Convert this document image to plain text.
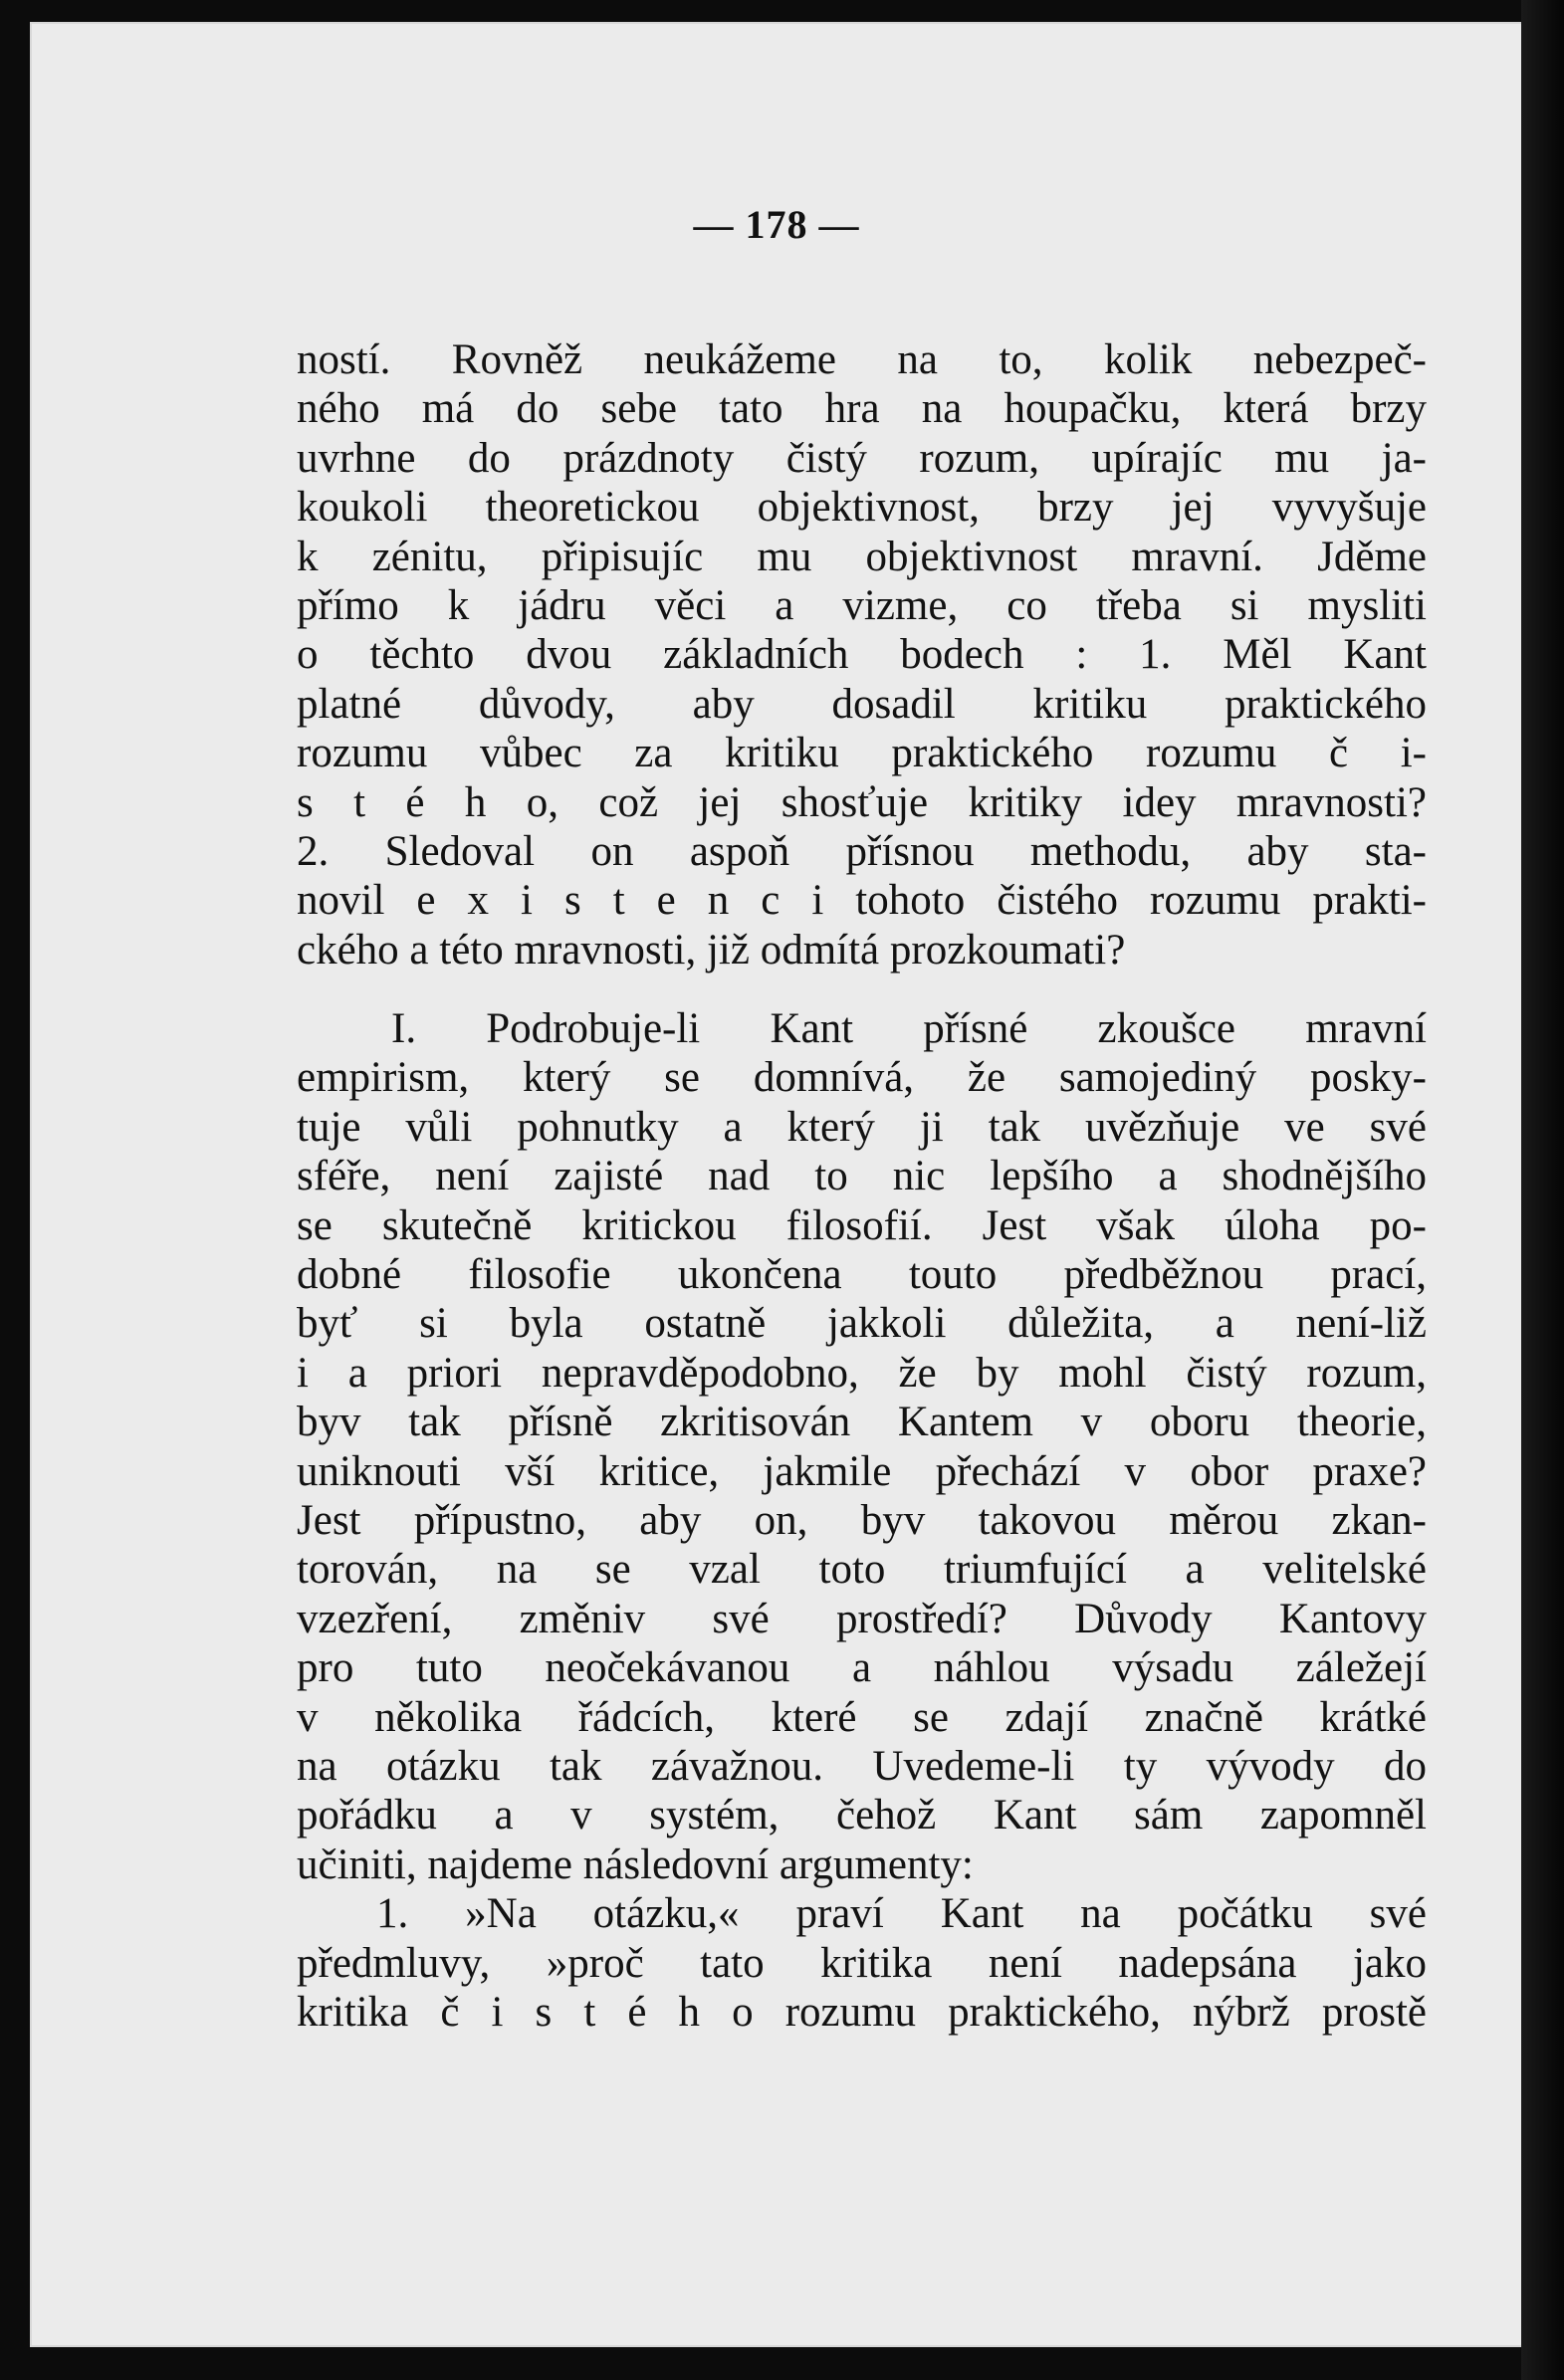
— 178 —
ností. Rovněž neukážeme na to, kolik nebezpeč-
ného má do sebe tato hra na houpačku, která brzy
uvrhne do prázdnoty čistý rozum, upírajíc mu ja-
koukoli theoretickou objektivnost, brzy jej vyvyšuje
k zénitu, připisujíc mu objektivnost mravní. Jděme
přímo k jádru věci a vizme, co třeba si mysliti
o těchto dvou základních bodech : 1. Měl Kant
platné důvody, aby dosadil kritiku praktického
rozumu vůbec za kritiku praktického rozumu č i-
s t é h o, což jej shosťuje kritiky idey mravnosti?
2. Sledoval on aspoň přísnou methodu, aby sta-
novil e x i s t e n c i tohoto čistého rozumu prakti-
ckého a této mravnosti, již odmítá prozkoumati?
I. Podrobuje-li Kant přísné zkoušce mravní
empirism, který se domnívá, že samojediný posky-
tuje vůli pohnutky a který ji tak uvězňuje ve své
sféře, není zajisté nad to nic lepšího a shodnějšího
se skutečně kritickou filosofií. Jest však úloha po-
dobné filosofie ukončena touto předběžnou prací,
byť si byla ostatně jakkoli důležita, a není-liž
i a priori nepravděpodobno, že by mohl čistý rozum,
byv tak přísně zkritisován Kantem v oboru theorie,
uniknouti vší kritice, jakmile přechází v obor praxe?
Jest přípustno, aby on, byv takovou měrou zkan-
torován, na se vzal toto triumfující a velitelské
vzezření, změniv své prostředí? Důvody Kantovy
pro tuto neočekávanou a náhlou výsadu záležejí
v několika řádcích, které se zdají značně krátké
na otázku tak závažnou. Uvedeme-li ty vývody do
pořádku a v systém, čehož Kant sám zapomněl
učiniti, najdeme následovní argumenty:
1. »Na otázku,« praví Kant na počátku své
předmluvy, »proč tato kritika není nadepsána jako
kritika č i s t é h o rozumu praktického, nýbrž prostě
